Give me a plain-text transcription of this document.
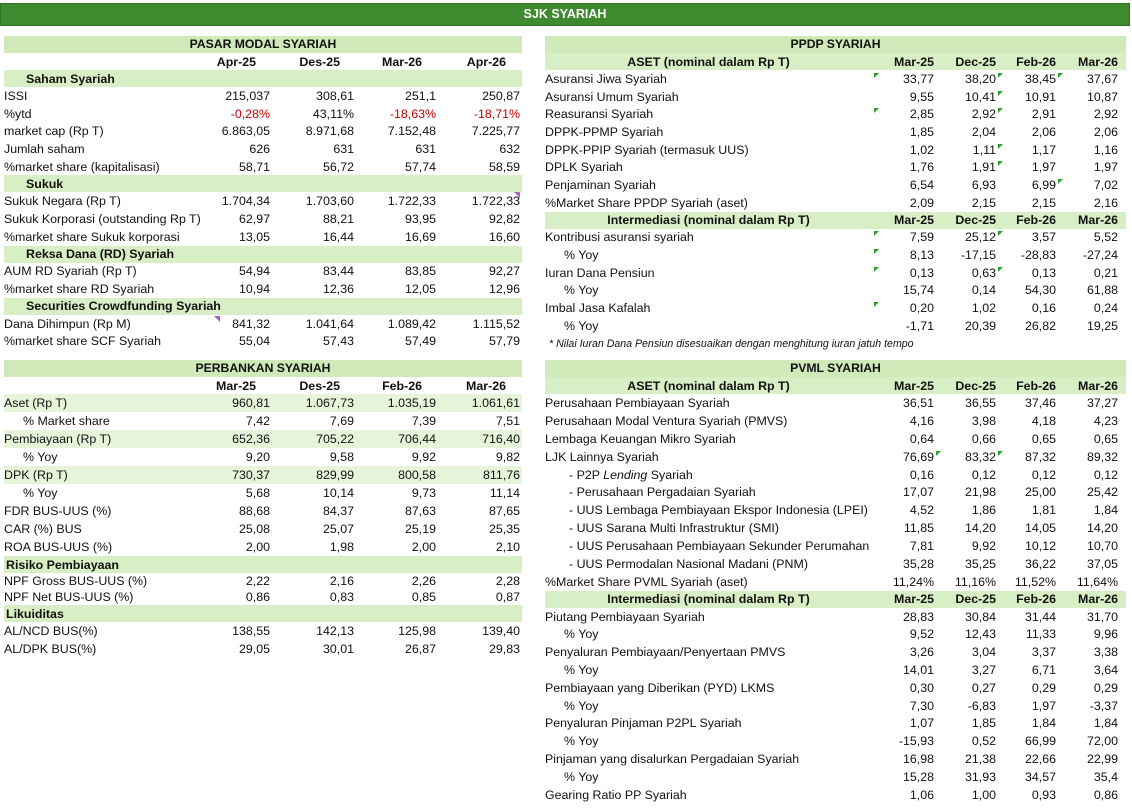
SJK SYARIAH
PASAR MODAL SYARIAH
Apr-25	Des-25	Mar-26	Apr-26
Saham Syariah
ISSI	215,037	308,61	251,1	250,87
%ytd	-0,28%	43,11%	-18,63%	-18,71%
market cap (Rp T)	6.863,05	8.971,68	7.152,48	7.225,77
Jumlah saham	626	631	631	632
%market share (kapitalisasi)	58,71	56,72	57,74	58,59
Sukuk
Sukuk Negara (Rp T)	1.704,34	1.703,60	1.722,33	1.722,33
Sukuk Korporasi (outstanding Rp T)	62,97	88,21	93,95	92,82
%market share Sukuk korporasi	13,05	16,44	16,69	16,60
Reksa Dana (RD) Syariah
AUM RD Syariah (Rp T)	54,94	83,44	83,85	92,27
%market share RD Syariah	10,94	12,36	12,05	12,96
Securities Crowdfunding Syariah
Dana Dihimpun (Rp M)	841,32	1.041,64	1.089,42	1.115,52
%market share SCF Syariah	55,04	57,43	57,49	57,79
PERBANKAN SYARIAH
Mar-25	Des-25	Feb-26	Mar-26
Aset (Rp T)	960,81	1.067,73	1.035,19	1.061,61
% Market share	7,42	7,69	7,39	7,51
Pembiayaan (Rp T)	652,36	705,22	706,44	716,40
% Yoy	9,20	9,58	9,92	9,82
DPK (Rp T)	730,37	829,99	800,58	811,76
% Yoy	5,68	10,14	9,73	11,14
FDR BUS-UUS (%)	88,68	84,37	87,63	87,65
CAR (%) BUS	25,08	25,07	25,19	25,35
ROA BUS-UUS (%)	2,00	1,98	2,00	2,10
Risiko Pembiayaan
NPF Gross BUS-UUS (%)	2,22	2,16	2,26	2,28
NPF Net BUS-UUS (%)	0,86	0,83	0,85	0,87
Likuiditas
AL/NCD BUS(%)	138,55	142,13	125,98	139,40
AL/DPK BUS(%)	29,05	30,01	26,87	29,83
PPDP SYARIAH
ASET (nominal dalam Rp T)	Mar-25	Dec-25	Feb-26	Mar-26
Asuransi Jiwa Syariah	33,77	38,20	38,45	37,67
Asuransi Umum Syariah	9,55	10,41	10,91	10,87
Reasuransi Syariah	2,85	2,92	2,91	2,92
DPPK-PPMP Syariah	1,85	2,04	2,06	2,06
DPPK-PPIP Syariah (termasuk UUS)	1,02	1,11	1,17	1,16
DPLK Syariah	1,76	1,91	1,97	1,97
Penjaminan Syariah	6,54	6,93	6,99	7,02
%Market Share PPDP Syariah (aset)	2,09	2,15	2,15	2,16
Intermediasi (nominal dalam Rp T)	Mar-25	Dec-25	Feb-26	Mar-26
Kontribusi asuransi syariah	7,59	25,12	3,57	5,52
% Yoy	8,13	-17,15	-28,83	-27,24
Iuran Dana Pensiun	0,13	0,63	0,13	0,21
% Yoy	15,74	0,14	54,30	61,88
Imbal Jasa Kafalah	0,20	1,02	0,16	0,24
% Yoy	-1,71	20,39	26,82	19,25
* Nilai Iuran Dana Pensiun disesuaikan dengan menghitung iuran jatuh tempo
PVML SYARIAH
ASET (nominal dalam Rp T)	Mar-25	Dec-25	Feb-26	Mar-26
Perusahaan Pembiayaan Syariah	36,51	36,55	37,46	37,27
Perusahaan Modal Ventura Syariah (PMVS)	4,16	3,98	4,18	4,23
Lembaga Keuangan Mikro Syariah	0,64	0,66	0,65	0,65
LJK Lainnya Syariah	76,69	83,32	87,32	89,32
- P2P Lending Syariah	0,16	0,12	0,12	0,12
- Perusahaan Pergadaian Syariah	17,07	21,98	25,00	25,42
- UUS Lembaga Pembiayaan Ekspor Indonesia (LPEI)	4,52	1,86	1,81	1,84
- UUS Sarana Multi Infrastruktur (SMI)	11,85	14,20	14,05	14,20
- UUS Perusahaan Pembiayaan Sekunder Perumahan	7,81	9,92	10,12	10,70
- UUS Permodalan Nasional Madani (PNM)	35,28	35,25	36,22	37,05
%Market Share PVML Syariah (aset)	11,24%	11,16%	11,52%	11,64%
Intermediasi (nominal dalam Rp T)	Mar-25	Dec-25	Feb-26	Mar-26
Piutang Pembiayaan Syariah	28,83	30,84	31,44	31,70
% Yoy	9,52	12,43	11,33	9,96
Penyaluran Pembiayaan/Penyertaan PMVS	3,26	3,04	3,37	3,38
% Yoy	14,01	3,27	6,71	3,64
Pembiayaan yang Diberikan (PYD) LKMS	0,30	0,27	0,29	0,29
% Yoy	7,30	-6,83	1,97	-3,37
Penyaluran Pinjaman P2PL Syariah	1,07	1,85	1,84	1,84
% Yoy	-15,93	0,52	66,99	72,00
Pinjaman yang disalurkan Pergadaian Syariah	16,98	21,38	22,66	22,99
% Yoy	15,28	31,93	34,57	35,4
Gearing Ratio PP Syariah	1,06	1,00	0,93	0,86
